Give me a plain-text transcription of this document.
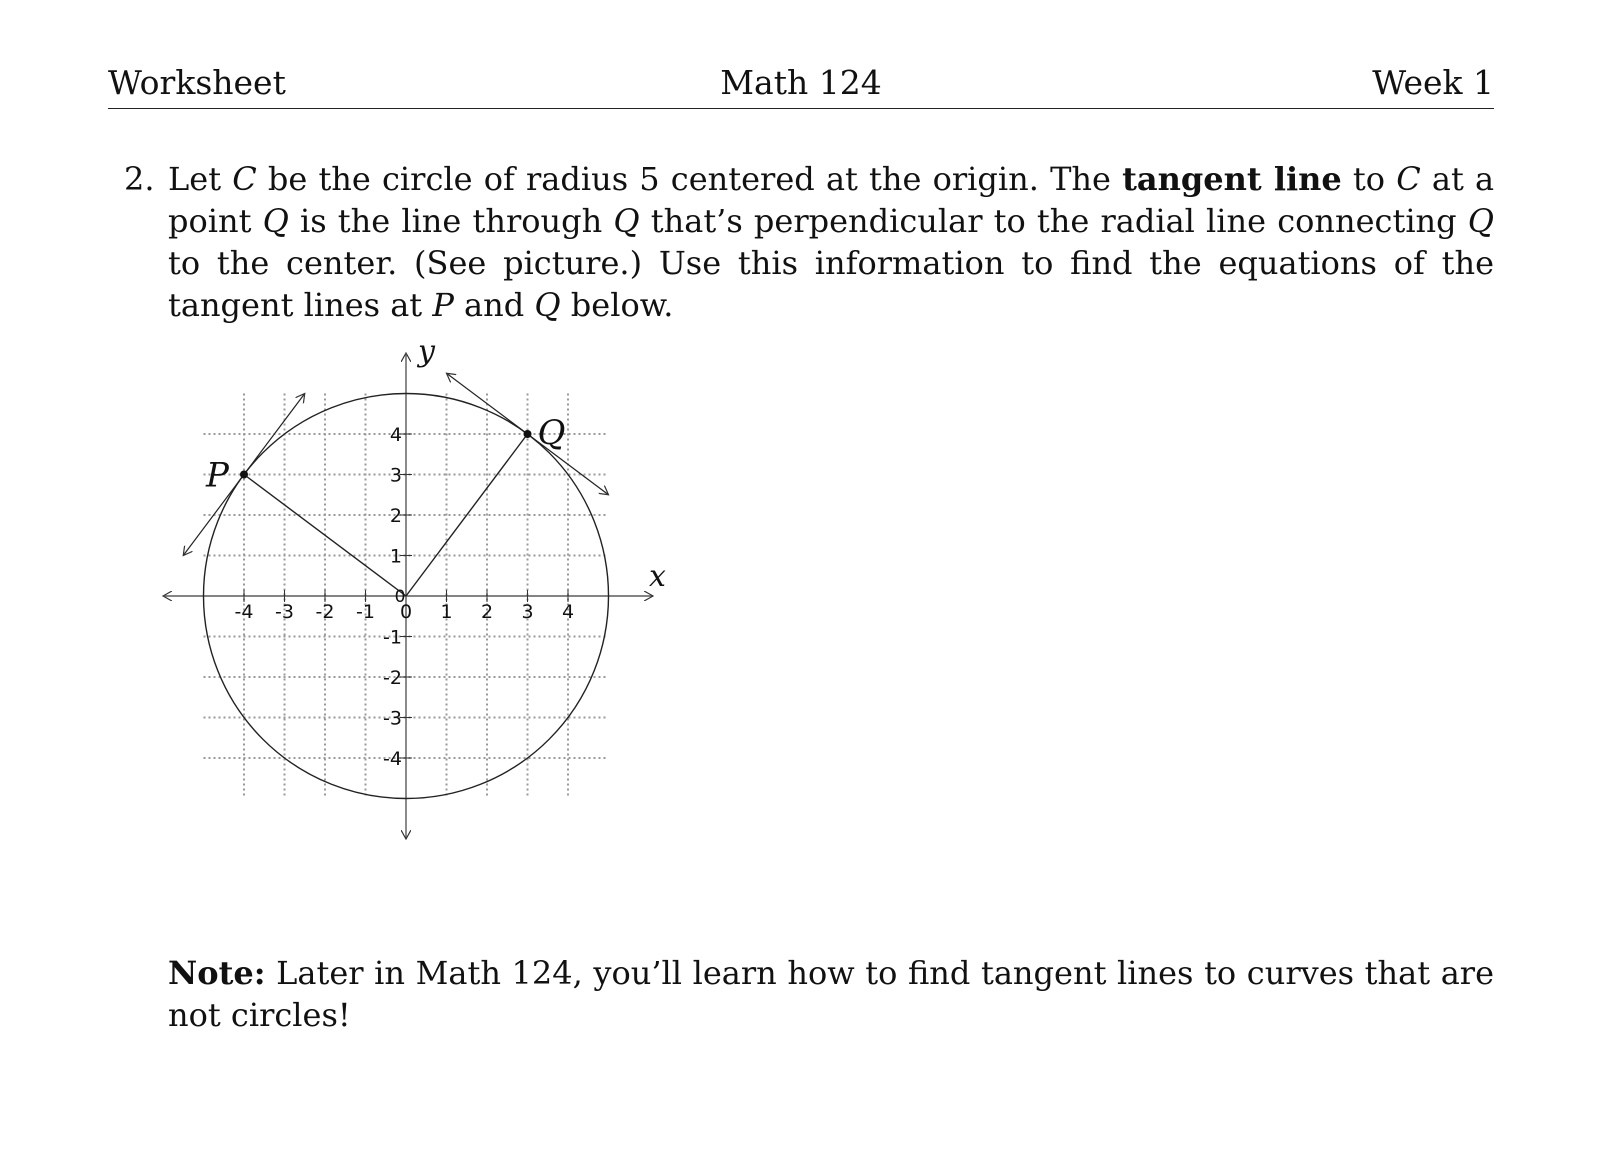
Worksheet	Math 124	Week 1
2. Let C be the circle of radius 5 centered at the origin. The tangent line to C at a point Q is the line through Q that’s perpendicular to the radial line connecting Q to the center. (See picture.) Use this information to find the equations of the tangent lines at P and Q below.
-4 -3 -2 -1 0 1 2 3 4
4
3
2
1
0
-1
-2
-3
-4
P
Q
x
y
Note: Later in Math 124, you’ll learn how to find tangent lines to curves that are not circles!
